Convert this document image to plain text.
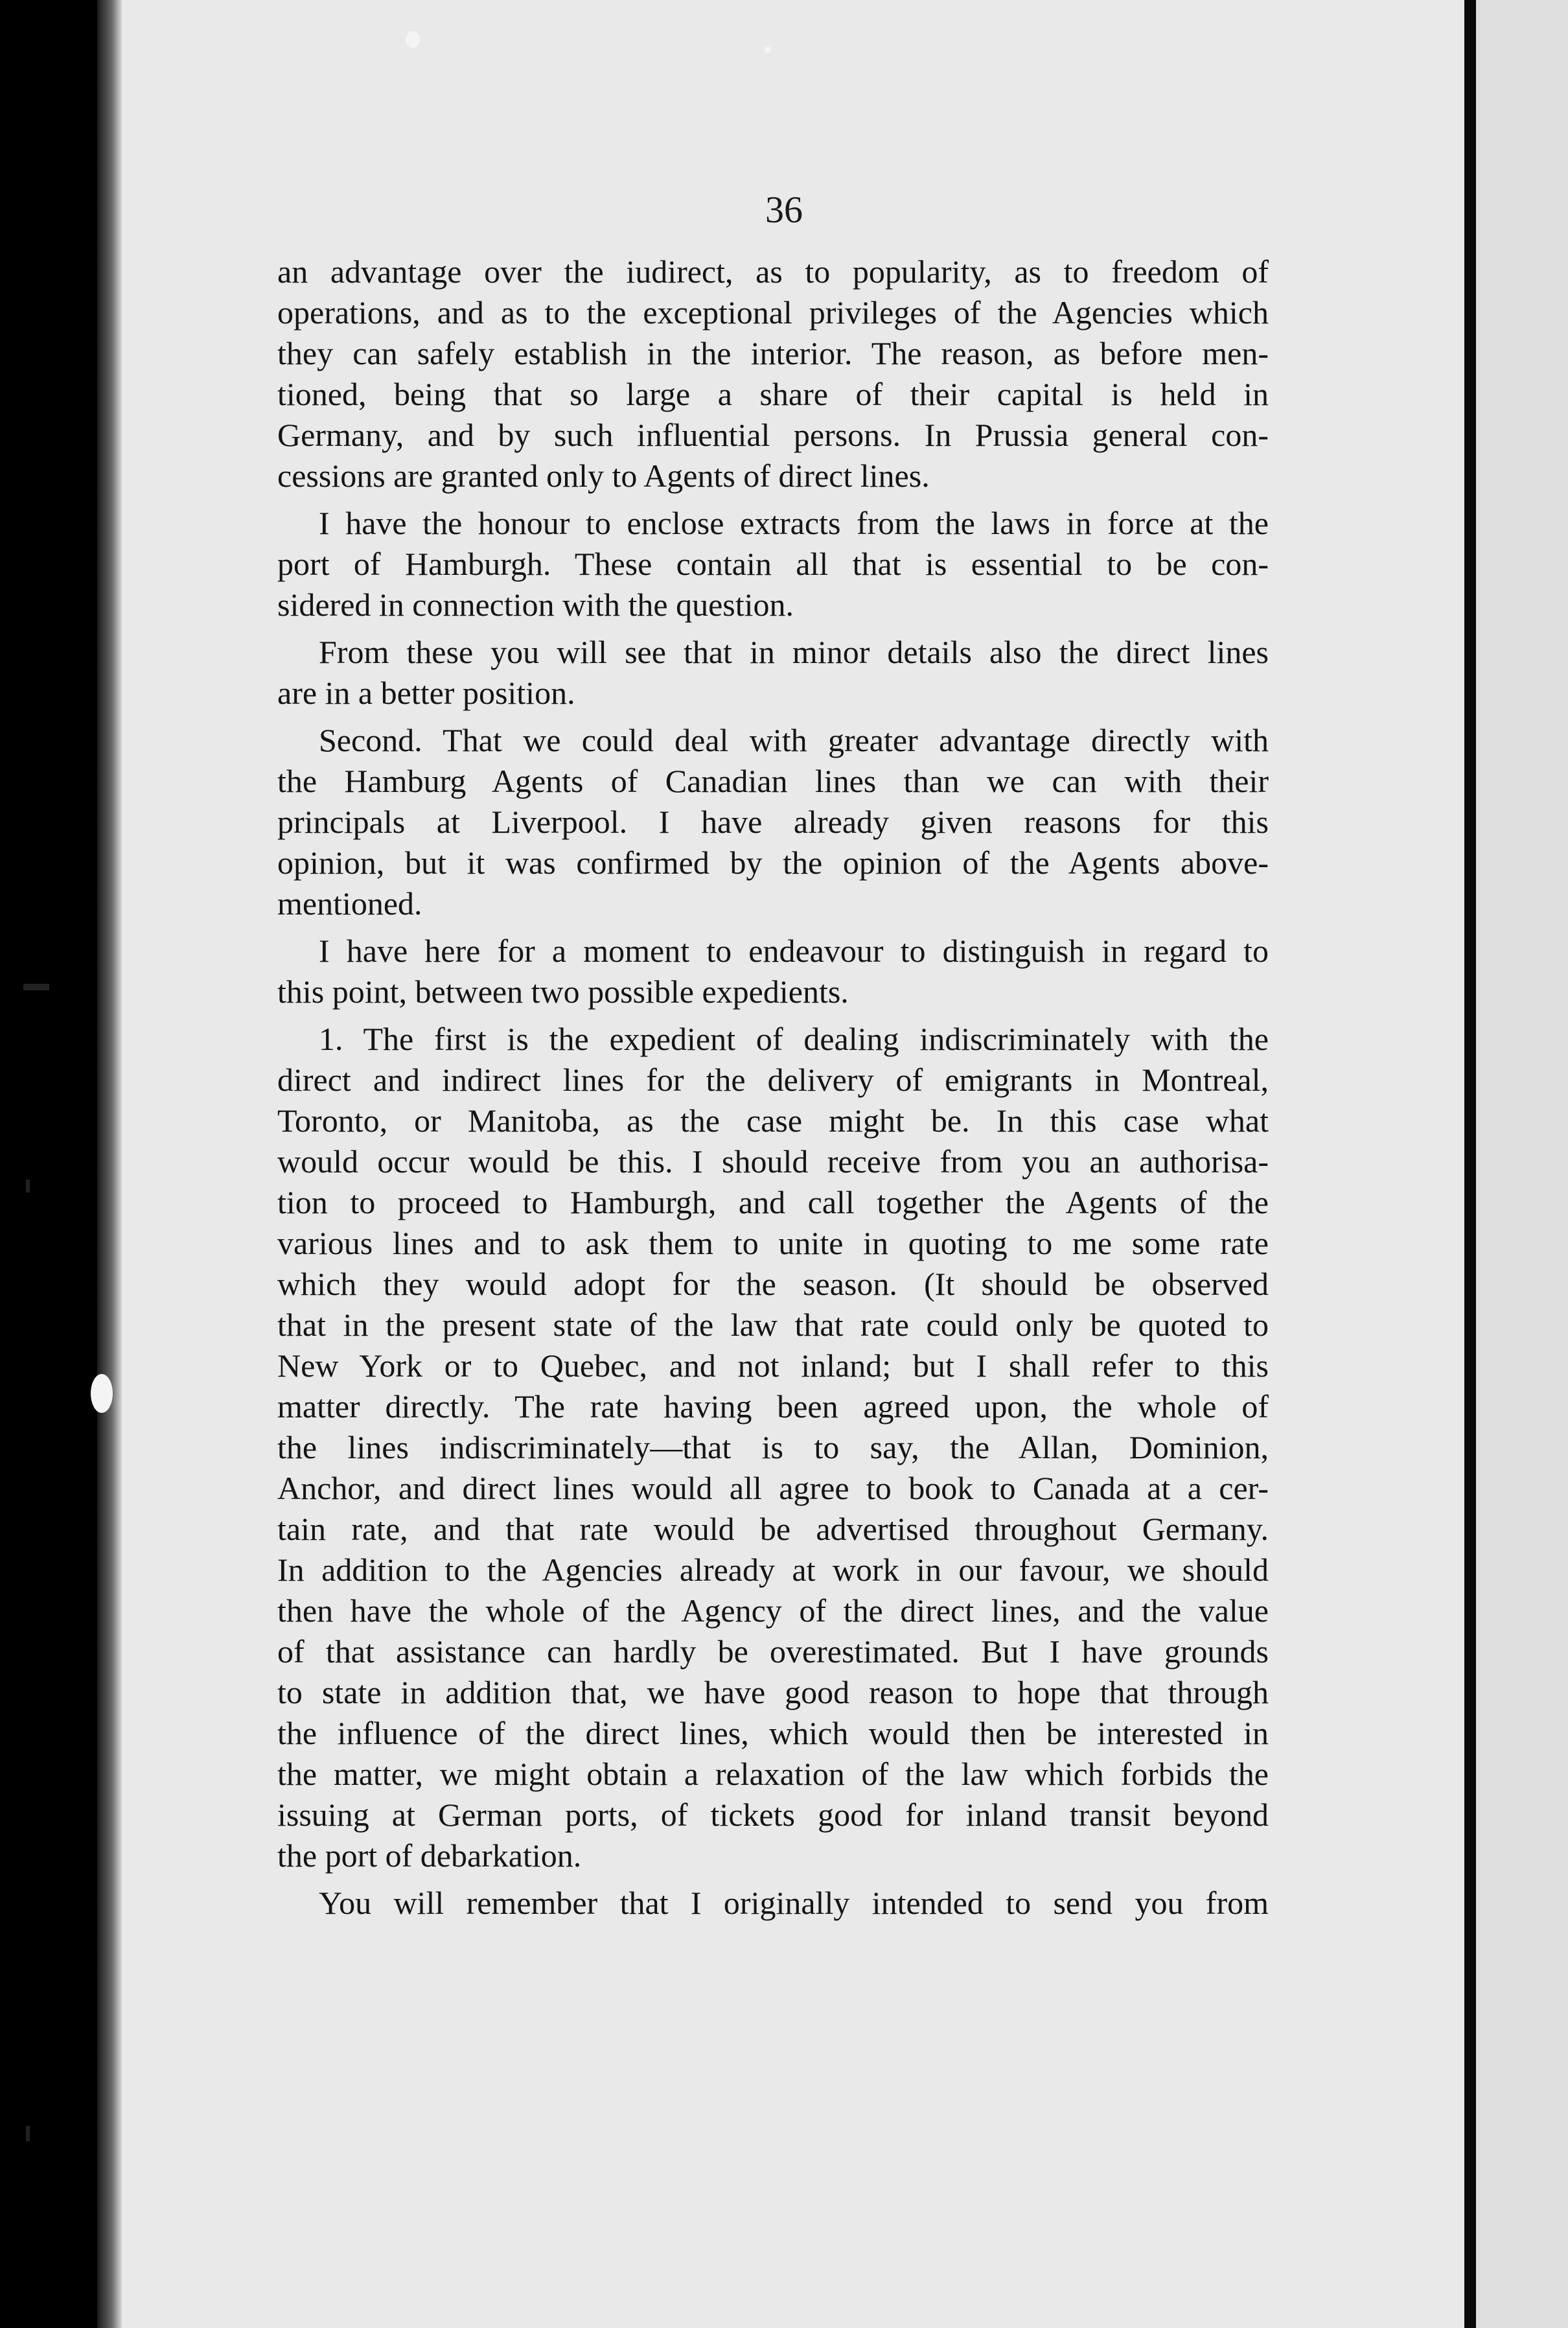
36
an advantage over the iudirect, as to popularity, as to freedom of
operations, and as to the exceptional privileges of the Agencies which
they can safely establish in the interior. The reason, as before men-
tioned, being that so large a share of their capital is held in
Germany, and by such influential persons. In Prussia general con-
cessions are granted only to Agents of direct lines.
I have the honour to enclose extracts from the laws in force at the
port of Hamburgh. These contain all that is essential to be con-
sidered in connection with the question.
From these you will see that in minor details also the direct lines
are in a better position.
Second. That we could deal with greater advantage directly with
the Hamburg Agents of Canadian lines than we can with their
principals at Liverpool. I have already given reasons for this
opinion, but it was confirmed by the opinion of the Agents above-
mentioned.
I have here for a moment to endeavour to distinguish in regard to
this point, between two possible expedients.
1. The first is the expedient of dealing indiscriminately with the
direct and indirect lines for the delivery of emigrants in Montreal,
Toronto, or Manitoba, as the case might be. In this case what
would occur would be this. I should receive from you an authorisa-
tion to proceed to Hamburgh, and call together the Agents of the
various lines and to ask them to unite in quoting to me some rate
which they would adopt for the season. (It should be observed
that in the present state of the law that rate could only be quoted to
New York or to Quebec, and not inland; but I shall refer to this
matter directly. The rate having been agreed upon, the whole of
the lines indiscriminately—that is to say, the Allan, Dominion,
Anchor, and direct lines would all agree to book to Canada at a cer-
tain rate, and that rate would be advertised throughout Germany.
In addition to the Agencies already at work in our favour, we should
then have the whole of the Agency of the direct lines, and the value
of that assistance can hardly be overestimated. But I have grounds
to state in addition that, we have good reason to hope that through
the influence of the direct lines, which would then be interested in
the matter, we might obtain a relaxation of the law which forbids the
issuing at German ports, of tickets good for inland transit beyond
the port of debarkation.
You will remember that I originally intended to send you from
